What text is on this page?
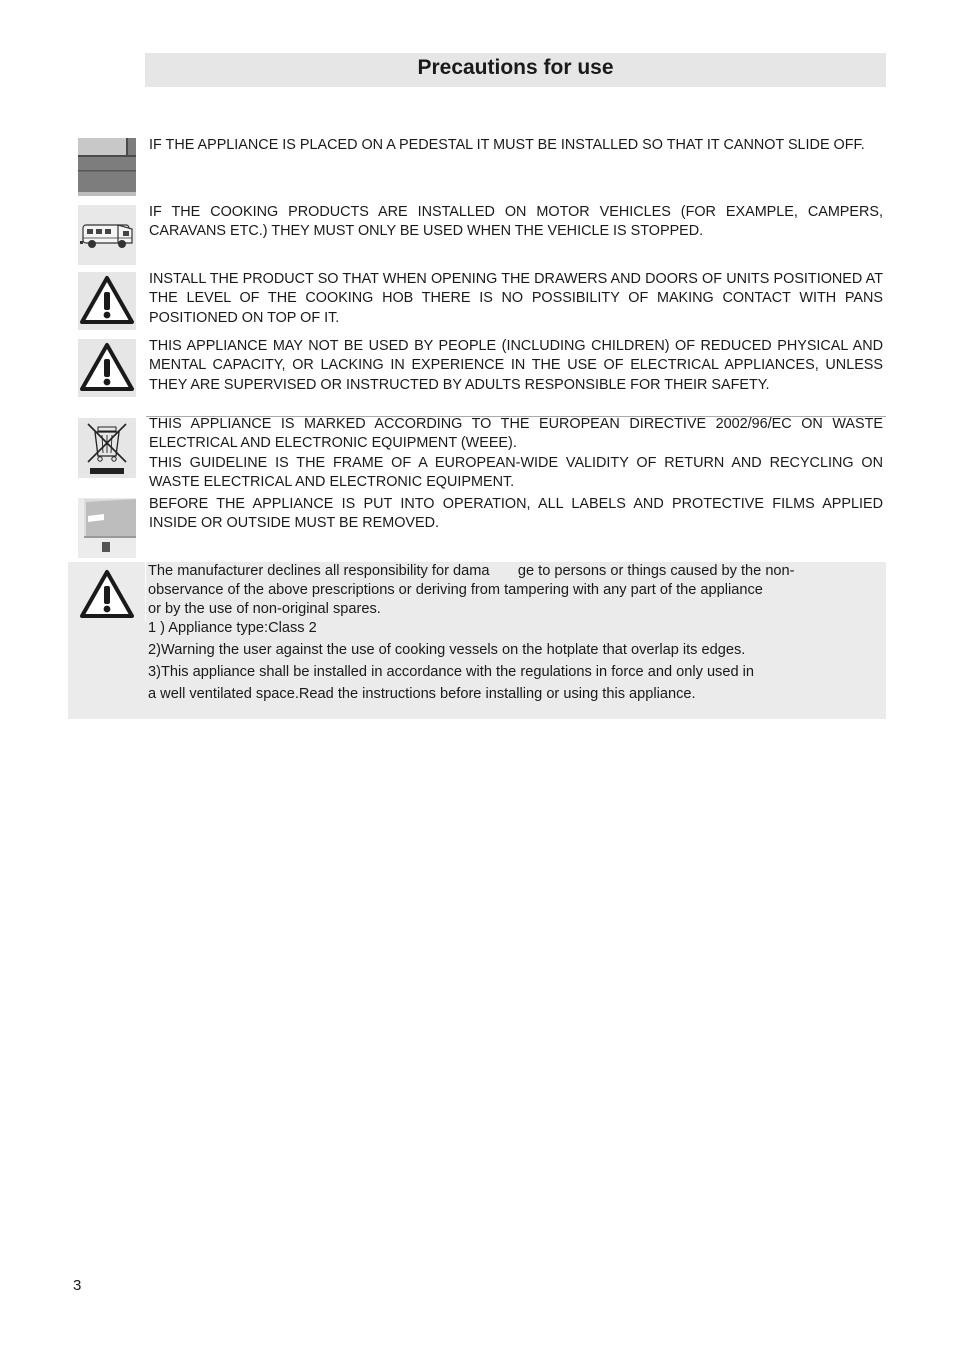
Precautions for use

IF THE APPLIANCE IS PLACED ON A PEDESTAL IT MUST BE INSTALLED SO THAT IT CANNOT SLIDE OFF.

IF THE COOKING PRODUCTS ARE INSTALLED ON MOTOR VEHICLES (FOR EXAMPLE, CAMPERS, CARAVANS ETC.) THEY MUST ONLY BE USED WHEN THE VEHICLE IS STOPPED.

INSTALL THE PRODUCT SO THAT WHEN OPENING THE DRAWERS AND DOORS OF UNITS POSITIONED AT THE LEVEL OF THE COOKING HOB THERE IS NO POSSIBILITY OF MAKING CONTACT WITH PANS POSITIONED ON TOP OF IT.

THIS APPLIANCE MAY NOT BE USED BY PEOPLE (INCLUDING CHILDREN) OF REDUCED PHYSICAL AND MENTAL CAPACITY, OR LACKING IN EXPERIENCE IN THE USE OF ELECTRICAL APPLIANCES, UNLESS THEY ARE SUPERVISED OR INSTRUCTED BY ADULTS RESPONSIBLE FOR THEIR SAFETY.

THIS APPLIANCE IS MARKED ACCORDING TO THE EUROPEAN DIRECTIVE 2002/96/EC ON WASTE ELECTRICAL AND ELECTRONIC EQUIPMENT (WEEE).

THIS GUIDELINE IS THE FRAME OF A EUROPEAN-WIDE VALIDITY OF RETURN AND RECYCLING ON WASTE ELECTRICAL AND ELECTRONIC EQUIPMENT.

BEFORE THE APPLIANCE IS PUT INTO OPERATION, ALL LABELS AND PROTECTIVE FILMS APPLIED INSIDE OR OUTSIDE MUST BE REMOVED.

The manufacturer declines all responsibility for dama       ge to persons or things caused by the non-

observance of the above prescriptions or deriving from tampering with any part of the appliance

or by the use of non-original spares.

1 ) Appliance type:Class 2

2)Warning the user against the use of cooking vessels on the hotplate that overlap its edges.

3)This appliance shall be installed in accordance with the regulations in force and only used in

a well ventilated space.Read the instructions before installing or using this appliance.

3
